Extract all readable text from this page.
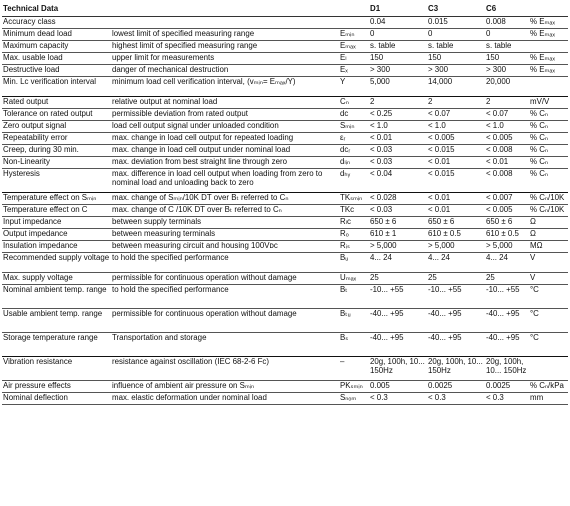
Technical Data			D1	C3	C6	
Accuracy class			0.04	0.015	0.008	% Eₘₐₓ
Minimum dead load	lowest limit of specified measuring range	Eₘᵢₙ	0	0	0	% Eₘₐₓ
Maximum capacity	highest limit of specified measuring range	Eₘₐₓ	s. table	s. table	s. table	
Max. usable load	upper limit for measurements	Eₗ	150	150	150	% Eₘₐₓ
Destructive load	danger of mechanical destruction	Eₓ	> 300	> 300	> 300	% Eₘₐₓ
Min. Lᴄ verification interval	minimum load cell verification interval, (vₘᵢₙ= Eₘₐₓ/Y)	Y	5,000	14,000	20,000	
Rated output	relative output at nominal load	Cₙ	2	2	2	mV/V
Tolerance on rated output	permissible deviation from rated output	dᴄ	< 0.25	< 0.07	< 0.07	% Cₙ
Zero output signal	load cell output signal under unloaded condition	Sₘᵢₙ	< 1.0	< 1.0	< 1.0	% Cₙ
Repeatability error	max. change in load cell output for repeated loading	εᵣ	< 0.01	< 0.005	< 0.005	% Cₙ
Creep, during 30 min.	max. change in load cell output under nominal load	dᴄᵣ	< 0.03	< 0.015	< 0.008	% Cₙ
Non-Linearity	max. deviation from best straight line through zero	dₗᵢₙ	< 0.03	< 0.01	< 0.01	% Cₙ
Hysteresis	max. difference in load cell output when loading from zero to nominal load and unloading back to zero	dₕᵧ	< 0.04	< 0.015	< 0.008	% Cₙ
Temperature effect on Sₘᵢₙ	max. change of Sₘᵢₙ/10K DT over Bₜ referred to Cₙ	TKₛₘᵢₙ	< 0.028	< 0.01	< 0.007	% Cₙ/10K
Temperature effect on C	max. change of C /10K DT over Bₜ referred to Cₙ	TKᴄ	< 0.03	< 0.01	< 0.005	% Cₙ/10K
Input impedance	between supply terminals	Rₗᴄ	650 ± 6	650 ± 6	650 ± 6	Ω
Output impedance	between measuring terminals	Rₒ	610 ± 1	610 ± 0.5	610 ± 0.5	Ω
Insulation impedance	between measuring circuit and housing 100Vᴅᴄ	Rᵢₛ	> 5,000	> 5,000	> 5,000	MΩ
Recommended supply voltage	to hold the specified performance	Bᵤ	4... 24	4... 24	4... 24	V
Max. supply voltage	permissible for continuous operation without damage	Uₘₐₓ	25	25	25	V
Nominal ambient temp. range	to hold the specified performance	Bₜ	-10... +55	-10... +55	-10... +55	°C
Usable ambient temp. range	permissible for continuous operation without damage	Bₜᵤ	-40... +95	-40... +95	-40... +95	°C
Storage temperature range	Transportation and storage	Bₛ	-40... +95	-40... +95	-40... +95	°C
Vibration resistance	resistance against oscillation (IEC 68-2-6 Fc)	–	20g, 100h, 10... 150Hz	20g, 100h, 10... 150Hz	20g, 100h, 10... 150Hz	
Air pressure effects	influence of ambient air pressure on Sₘᵢₙ	PKₛₘᵢₙ	0.005	0.0025	0.0025	% Cₙ/kPa
Nominal deflection	max. elastic deformation under nominal load	Sₙₒₘ	< 0.3	< 0.3	< 0.3	mm
